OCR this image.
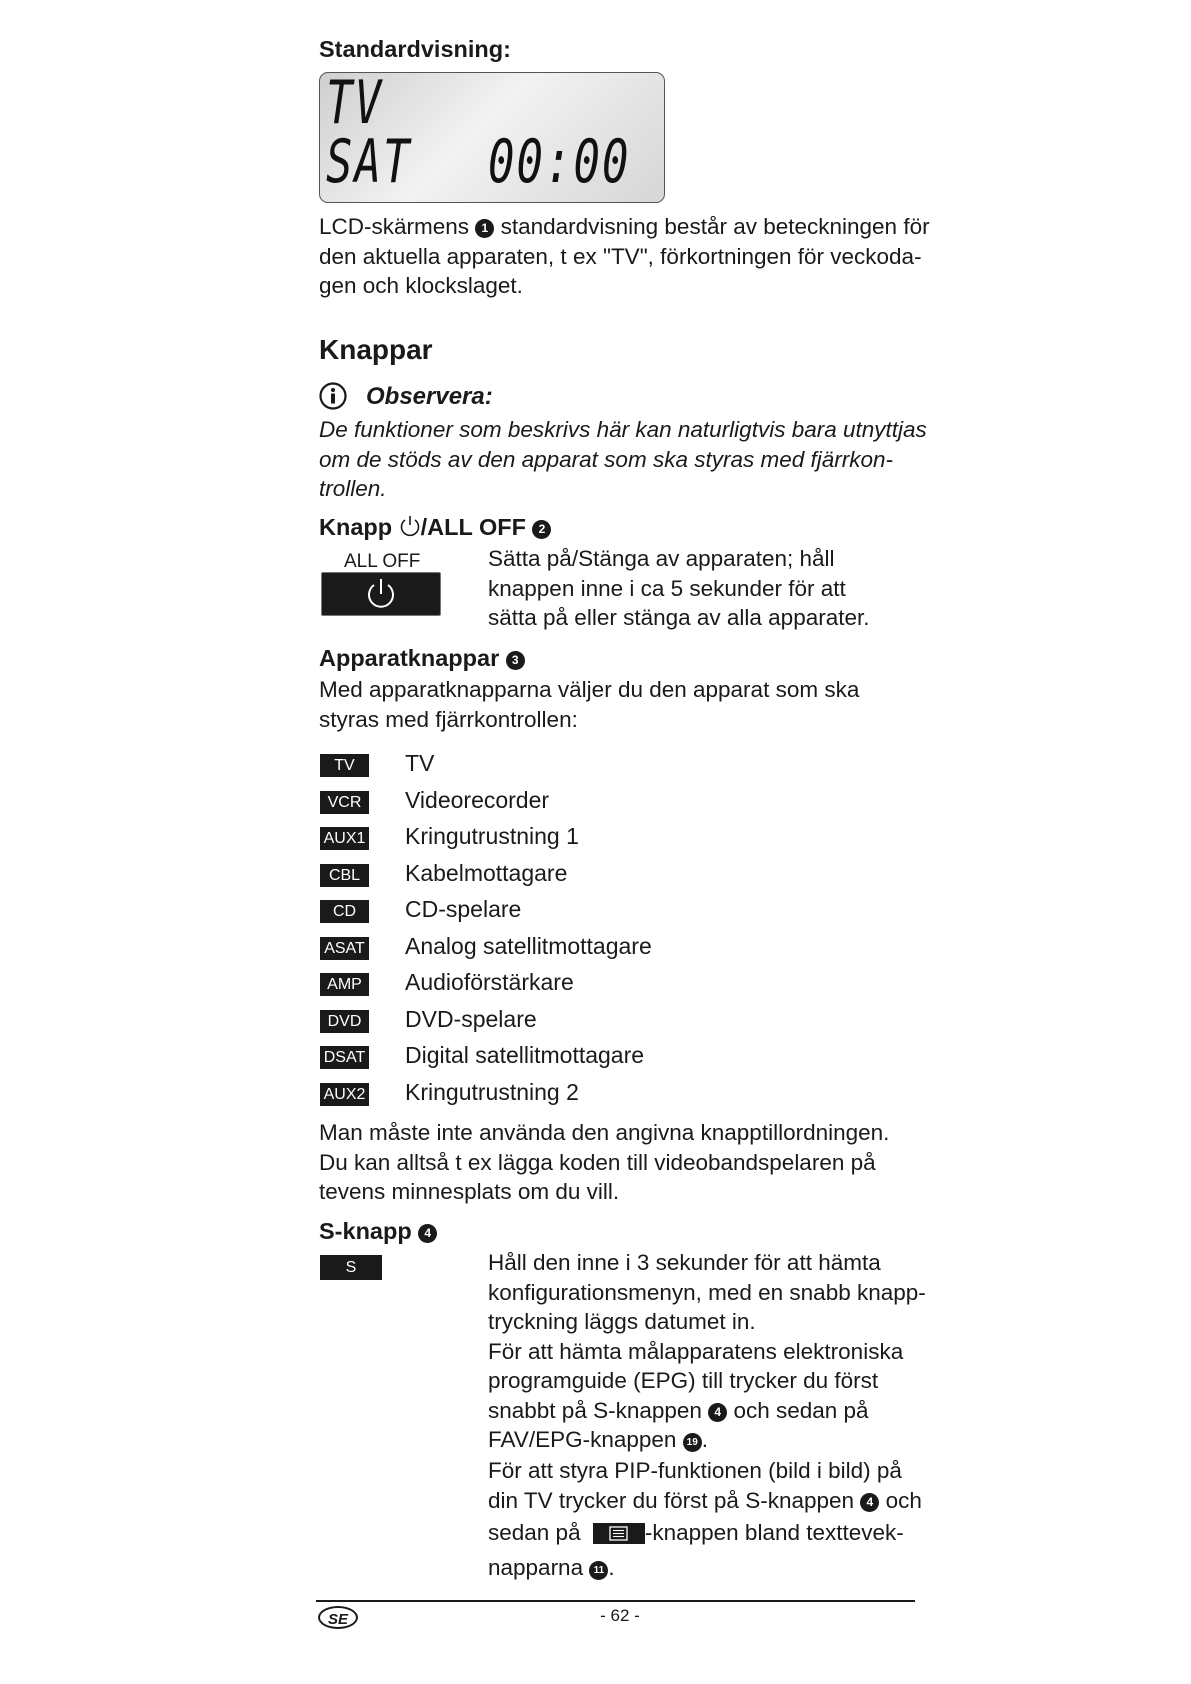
Standardvisning:
TV
SAT 00:00
LCD-skärmens 1 standardvisning består av beteckningen för
den aktuella apparaten, t ex "TV", förkortningen för veckoda-
gen och klockslaget.
Knappar
Observera:
De funktioner som beskrivs här kan naturligtvis bara utnyttjas
om de stöds av den apparat som ska styras med fjärrkon-
trollen.
Knapp /ALL OFF 2
ALL OFF	Sätta på/Stänga av apparaten; håll
knappen inne i ca 5 sekunder för att
sätta på eller stänga av alla apparater.
Apparatknappar 3
Med apparatknapparna väljer du den apparat som ska
styras med fjärrkontrollen:
TV	TV
VCR	Videorecorder
AUX1 Kringutrustning 1
CBL	Kabelmottagare
CD	CD-spelare
ASAT Analog satellitmottagare
AMP	Audioförstärkare
DVD	DVD-spelare
DSAT Digital satellitmottagare
AUX2 Kringutrustning 2
Man måste inte använda den angivna knapptillordningen.
Du kan alltså t ex lägga koden till videobandspelaren på
tevens minnesplats om du vill.
S-knapp 4
S	Håll den inne i 3 sekunder för att hämta
konfigurationsmenyn, med en snabb knapp-
tryckning läggs datumet in.
För att hämta målapparatens elektroniska
programguide (EPG) till trycker du först
snabbt på S-knappen 4 och sedan på
FAV/EPG-knappen 19 .
För att styra PIP-funktionen (bild i bild) på
din TV trycker du först på S-knappen 4 och
sedan på	-knappen bland texttevek-
napparna 11 .
SE	- 62 -
